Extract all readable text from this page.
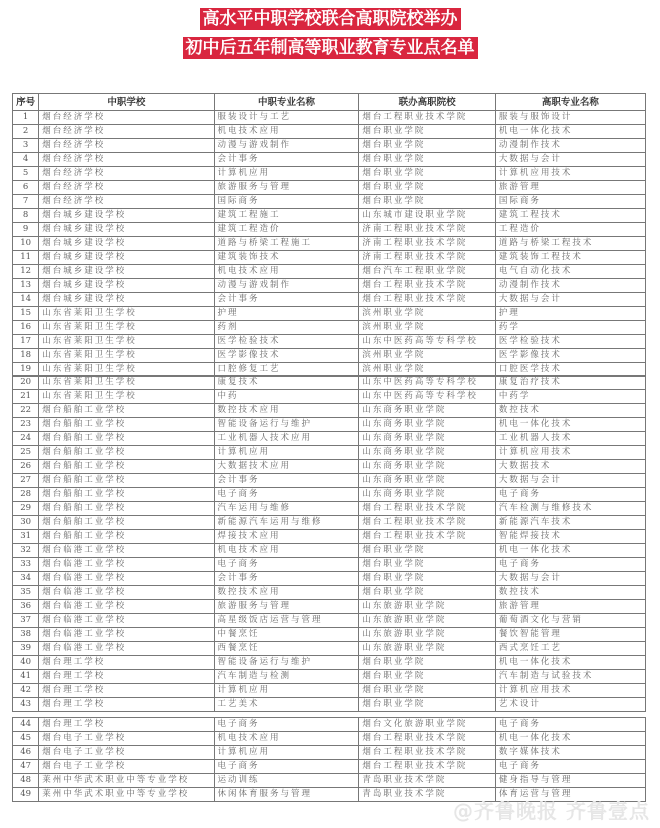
高水平中职学校联合高职院校举办
初中后五年制高等职业教育专业点名单
序号	中职学校	中职专业名称	联办高职院校	高职专业名称
1	烟台经济学校	服装设计与工艺	烟台工程职业技术学院	服装与服饰设计
2	烟台经济学校	机电技术应用	烟台职业学院	机电一体化技术
3	烟台经济学校	动漫与游戏制作	烟台职业学院	动漫制作技术
4	烟台经济学校	会计事务	烟台职业学院	大数据与会计
5	烟台经济学校	计算机应用	烟台职业学院	计算机应用技术
6	烟台经济学校	旅游服务与管理	烟台职业学院	旅游管理
7	烟台经济学校	国际商务	烟台职业学院	国际商务
8	烟台城乡建设学校	建筑工程施工	山东城市建设职业学院	建筑工程技术
9	烟台城乡建设学校	建筑工程造价	济南工程职业技术学院	工程造价
10	烟台城乡建设学校	道路与桥梁工程施工	济南工程职业技术学院	道路与桥梁工程技术
11	烟台城乡建设学校	建筑装饰技术	济南工程职业技术学院	建筑装饰工程技术
12	烟台城乡建设学校	机电技术应用	烟台汽车工程职业学院	电气自动化技术
13	烟台城乡建设学校	动漫与游戏制作	烟台工程职业技术学院	动漫制作技术
14	烟台城乡建设学校	会计事务	烟台工程职业技术学院	大数据与会计
15	山东省莱阳卫生学校	护理	滨州职业学院	护理
16	山东省莱阳卫生学校	药剂	滨州职业学院	药学
17	山东省莱阳卫生学校	医学检验技术	山东中医药高等专科学校	医学检验技术
18	山东省莱阳卫生学校	医学影像技术	滨州职业学院	医学影像技术
19	山东省莱阳卫生学校	口腔修复工艺	滨州职业学院	口腔医学技术
20	山东省莱阳卫生学校	康复技术	山东中医药高等专科学校	康复治疗技术
21	山东省莱阳卫生学校	中药	山东中医药高等专科学校	中药学
22	烟台船舶工业学校	数控技术应用	山东商务职业学院	数控技术
23	烟台船舶工业学校	智能设备运行与维护	山东商务职业学院	机电一体化技术
24	烟台船舶工业学校	工业机器人技术应用	山东商务职业学院	工业机器人技术
25	烟台船舶工业学校	计算机应用	山东商务职业学院	计算机应用技术
26	烟台船舶工业学校	大数据技术应用	山东商务职业学院	大数据技术
27	烟台船舶工业学校	会计事务	山东商务职业学院	大数据与会计
28	烟台船舶工业学校	电子商务	山东商务职业学院	电子商务
29	烟台船舶工业学校	汽车运用与维修	烟台工程职业技术学院	汽车检测与维修技术
30	烟台船舶工业学校	新能源汽车运用与维修	烟台工程职业技术学院	新能源汽车技术
31	烟台船舶工业学校	焊接技术应用	烟台工程职业技术学院	智能焊接技术
32	烟台临港工业学校	机电技术应用	烟台职业学院	机电一体化技术
33	烟台临港工业学校	电子商务	烟台职业学院	电子商务
34	烟台临港工业学校	会计事务	烟台职业学院	大数据与会计
35	烟台临港工业学校	数控技术应用	烟台职业学院	数控技术
36	烟台临港工业学校	旅游服务与管理	山东旅游职业学院	旅游管理
37	烟台临港工业学校	高星级饭店运营与管理	山东旅游职业学院	葡萄酒文化与营销
38	烟台临港工业学校	中餐烹饪	山东旅游职业学院	餐饮智能管理
39	烟台临港工业学校	西餐烹饪	山东旅游职业学院	西式烹饪工艺
40	烟台理工学校	智能设备运行与维护	烟台职业学院	机电一体化技术
41	烟台理工学校	汽车制造与检测	烟台职业学院	汽车制造与试验技术
42	烟台理工学校	计算机应用	烟台职业学院	计算机应用技术
43	烟台理工学校	工艺美术	烟台职业学院	艺术设计
44	烟台理工学校	电子商务	烟台文化旅游职业学院	电子商务
45	烟台电子工业学校	机电技术应用	烟台工程职业技术学院	机电一体化技术
46	烟台电子工业学校	计算机应用	烟台工程职业技术学院	数字媒体技术
47	烟台电子工业学校	电子商务	烟台工程职业技术学院	电子商务
48	莱州中华武术职业中等专业学校	运动训练	青岛职业技术学院	健身指导与管理
49	莱州中华武术职业中等专业学校	休闲体育服务与管理	青岛职业技术学院	体育运营与管理
@齐鲁晚报 齐鲁壹点
